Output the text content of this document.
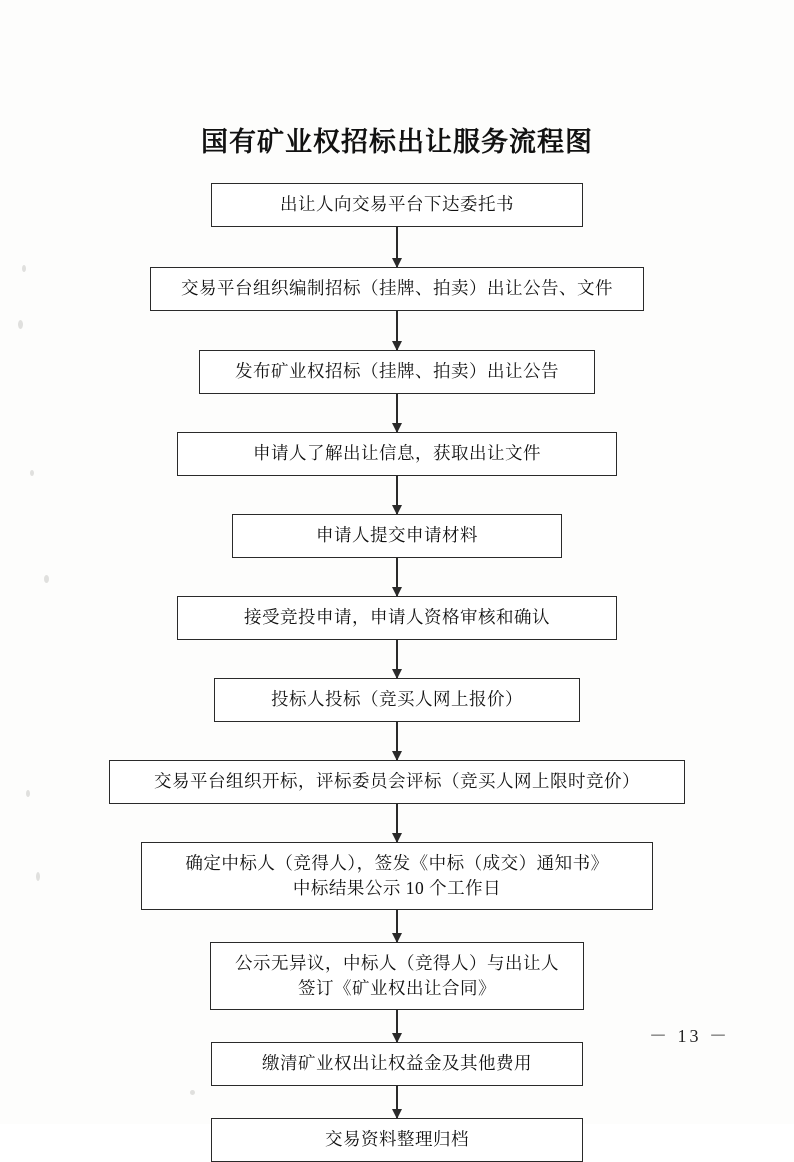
国有矿业权招标出让服务流程图
出让人向交易平台下达委托书
交易平台组织编制招标（挂牌、拍卖）出让公告、文件
发布矿业权招标（挂牌、拍卖）出让公告
申请人了解出让信息，获取出让文件
申请人提交申请材料
接受竞投申请，申请人资格审核和确认
投标人投标（竞买人网上报价）
交易平台组织开标，评标委员会评标（竞买人网上限时竞价）
确定中标人（竞得人），签发《中标（成交）通知书》
中标结果公示 10 个工作日
公示无异议，中标人（竞得人）与出让人
签订《矿业权出让合同》
缴清矿业权出让权益金及其他费用
交易资料整理归档
－ 13 －
